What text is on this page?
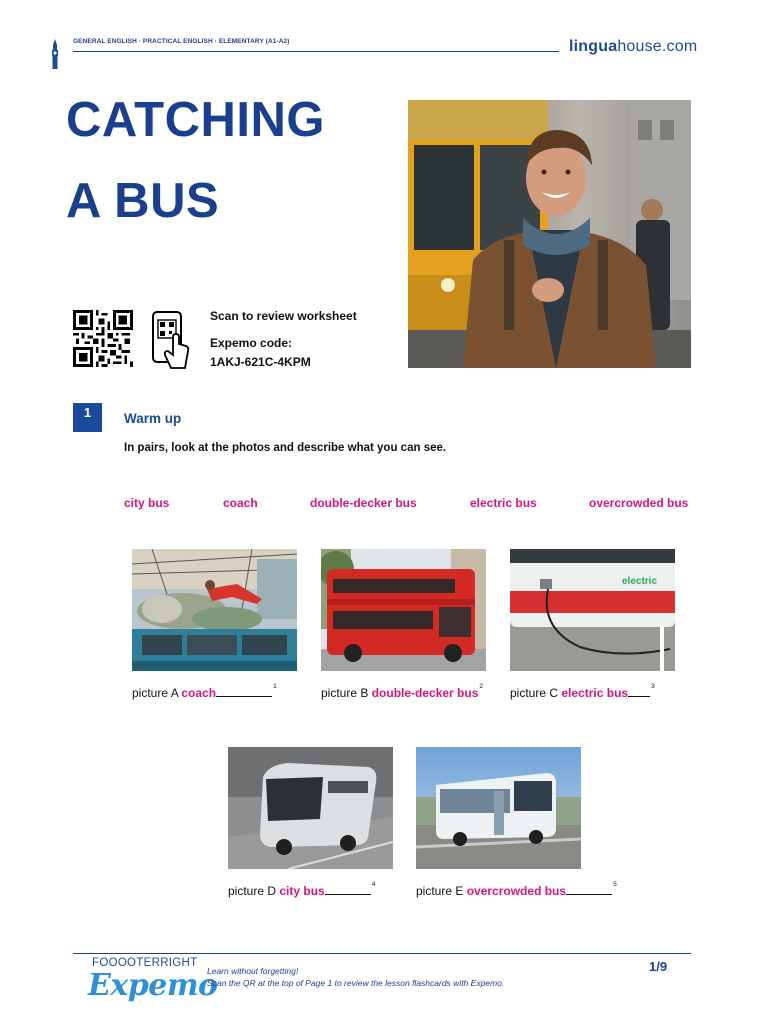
GENERAL ENGLISH · PRACTICAL ENGLISH · ELEMENTARY (A1-A2)	linguahouse.com
CATCHING
A BUS
Scan to review worksheet
Expemo code:
1AKJ-621C-4KPM
1	Warm up
In pairs, look at the photos and describe what you can see.
city bus	coach	double-decker bus	electric bus	overcrowded bus
picture A coach	$^1$	picture B double-decker bus$^2$
electric
picture C electric bus	$^3$
picture D city bus	$^4$	picture E overcrowded bus	$^5$
FOOOOTERRIGHT
Expemo
Learn without forgetting!
Scan the QR at the top of Page 1 to review the lesson flashcards with Expemo.
1/9
